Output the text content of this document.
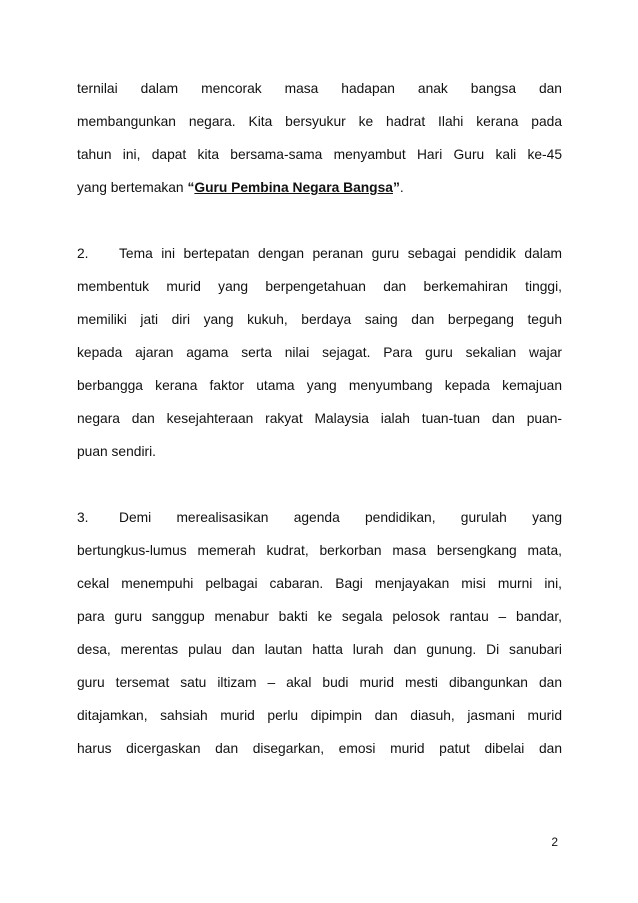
ternilai dalam mencorak masa hadapan anak bangsa dan
membangunkan negara. Kita bersyukur ke hadrat Ilahi kerana pada
tahun ini, dapat kita bersama-sama menyambut Hari Guru kali ke-45
yang bertemakan “Guru Pembina Negara Bangsa”.
2.	Tema ini bertepatan dengan peranan guru sebagai pendidik dalam
membentuk murid yang berpengetahuan dan berkemahiran tinggi,
memiliki jati diri yang kukuh, berdaya saing dan berpegang teguh
kepada ajaran agama serta nilai sejagat. Para guru sekalian wajar
berbangga kerana faktor utama yang menyumbang kepada kemajuan
negara dan kesejahteraan rakyat Malaysia ialah tuan-tuan dan puan-
puan sendiri.
3.	Demi merealisasikan agenda pendidikan, gurulah yang
bertungkus-lumus memerah kudrat, berkorban masa bersengkang mata,
cekal menempuhi pelbagai cabaran. Bagi menjayakan misi murni ini,
para guru sanggup menabur bakti ke segala pelosok rantau – bandar,
desa, merentas pulau dan lautan hatta lurah dan gunung. Di sanubari
guru tersemat satu iltizam – akal budi murid mesti dibangunkan dan
ditajamkan, sahsiah murid perlu dipimpin dan diasuh, jasmani murid
harus dicergaskan dan disegarkan, emosi murid patut dibelai dan
2
